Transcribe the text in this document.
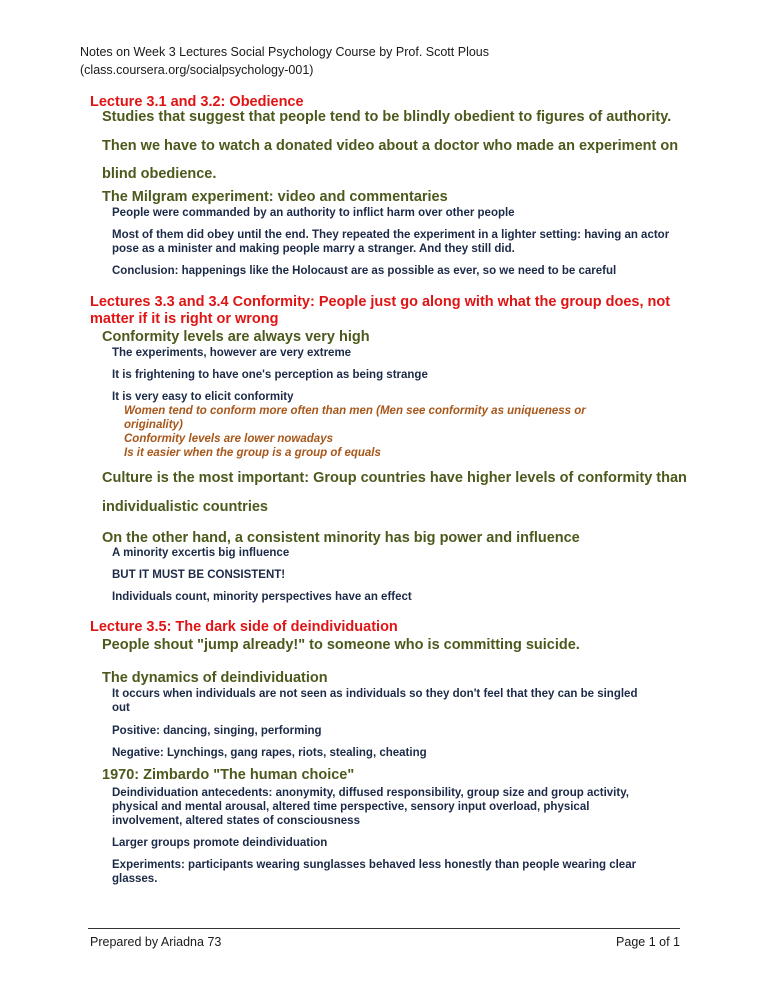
Notes on Week 3 Lectures Social Psychology Course by Prof. Scott Plous
(class.coursera.org/socialpsychology-001)
Lecture 3.1 and 3.2: Obedience
Studies that suggest that people tend to be blindly obedient to figures of authority. Then we have to watch a donated video about a doctor who made an experiment on blind obedience.
The Milgram experiment: video and commentaries
People were commanded by an authority to inflict harm over other people
Most of them did obey until the end. They repeated the experiment in a lighter setting: having an actor pose as a minister and making people marry a stranger. And they still did.
Conclusion: happenings like the Holocaust are as possible as ever, so we need to be careful
Lectures 3.3 and 3.4 Conformity: People just go along with what the group does, not matter if it is right or wrong
Conformity levels are always very high
The experiments, however are very extreme
It is frightening to have one's perception as being strange
It is very easy to elicit conformity
Women tend to conform more often than men (Men see conformity as uniqueness or originality)
Conformity levels are lower nowadays
Is it easier when the group is a group of equals
Culture is the most important: Group countries have higher levels of conformity than individualistic countries
On the other hand, a consistent minority has big power and influence
A minority excertis big influence
BUT IT MUST BE CONSISTENT!
Individuals count, minority perspectives have an effect
Lecture 3.5: The dark side of deindividuation
People shout "jump already!" to someone who is committing suicide.
The dynamics of deindividuation
It occurs when individuals are not seen as individuals so they don't feel that they can be singled out
Positive: dancing, singing, performing
Negative: Lynchings, gang rapes, riots, stealing, cheating
1970: Zimbardo "The human choice"
Deindividuation antecedents: anonymity, diffused responsibility, group size and group activity, physical and mental arousal, altered time perspective, sensory input overload, physical involvement, altered states of consciousness
Larger groups promote deindividuation
Experiments: participants wearing sunglasses behaved less honestly than people wearing clear glasses.
Prepared by Ariadna 73	Page 1 of 1
